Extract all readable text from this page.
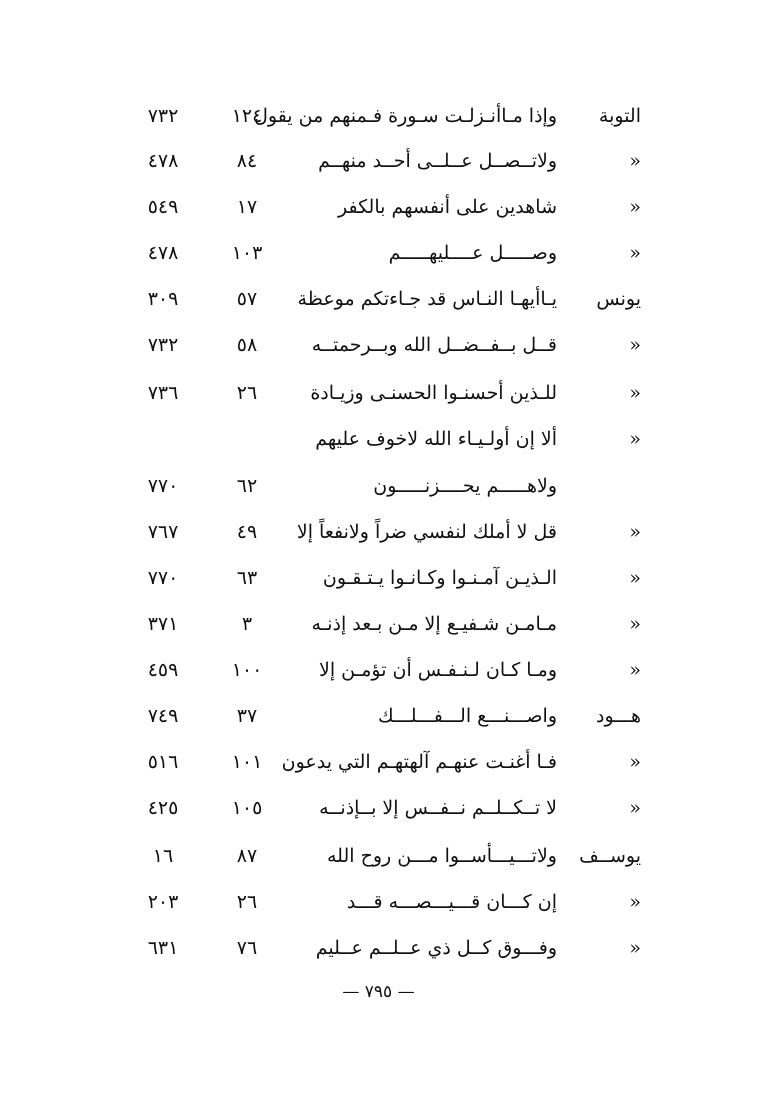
التوبة
وإذا مـاأنـزلـت سـورة فـمنهم من يقول
١٢٤
٧٣٢
«
ولاتــصــل عــلــى أحــد منهــم
٨٤
٤٧٨
«
شاهدين على أنفسهم بالكفر
١٧
٥٤٩
«
وصـــــل عــــليهـــــم
١٠٣
٤٧٨
يونس
يـاأيهـا النـاس قد جـاءتكم موعظة
٥٧
٣٠٩
«
قــل بــفــضــل الله وبــرحمتــه
٥٨
٧٣٢
«
للـذين أحسنـوا الحسنـى وزيـادة
٢٦
٧٣٦
«
ألا إن أولـيـاء الله لاخوف عليهم
ولاهـــــم يحــــزنـــــون
٦٢
٧٧٠
«
قل لا أملك لنفسي ضراً ولانفعاً إلا
٤٩
٧٦٧
«
الـذيـن آمـنـوا وكـانـوا يـتـقـون
٦٣
٧٧٠
«
مـامـن شـفيـع إلا مـن بـعد إذنـه
٣
٣٧١
«
ومـا كـان لـنـفـس أن تؤمـن إلا
١٠٠
٤٥٩
هـــود
واصـــنـــع الـــفـــلـــك
٣٧
٧٤٩
«
فـا أغنـت عنهـم آلهتهـم التي يدعون
١٠١
٥١٦
«
لا تــكــلــم نــفــس إلا بــإذنــه
١٠٥
٤٢٥
يوســف
ولاتـــيـــأســوا مـــن روح الله
٨٧
١٦
«
إن كـــان قـــيـــصـــه قـــد
٢٦
٢٠٣
«
وفـــوق كــل ذي عــلــم عــليم
٧٦
٦٣١
— ٧٩٥ —
